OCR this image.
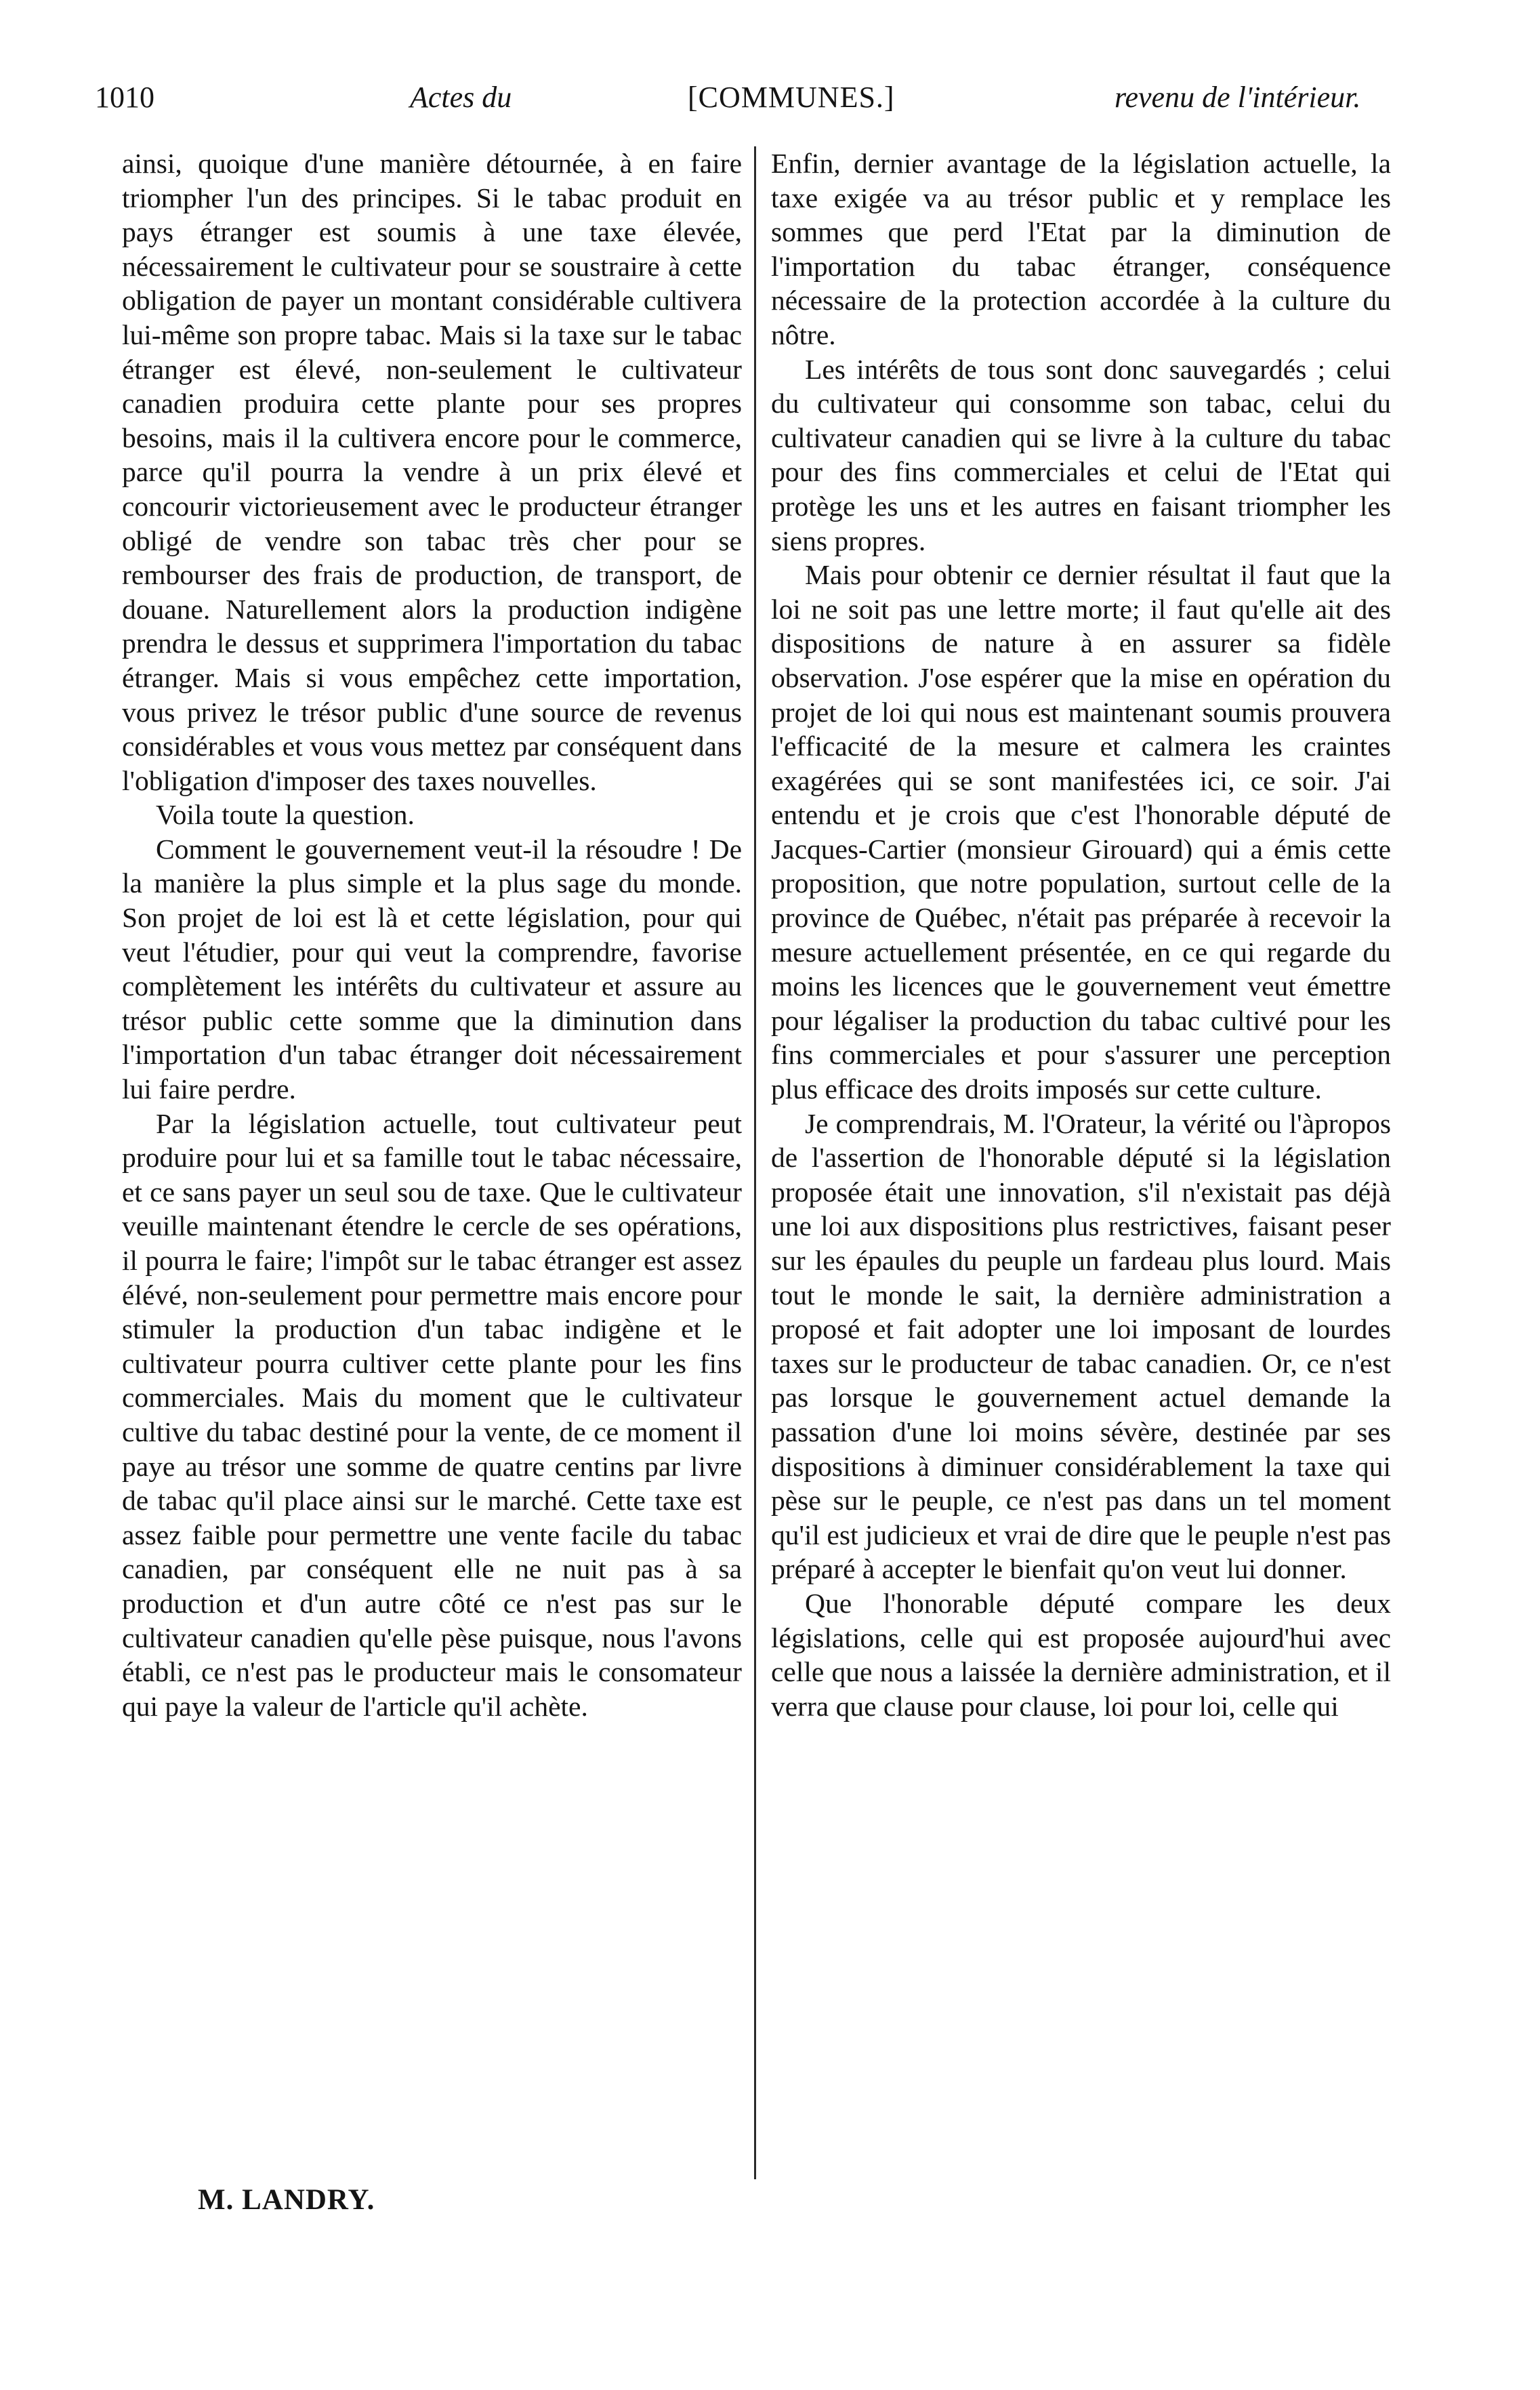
1010	Actes du	[COMMUNES.]	revenu de l'intérieur.

ainsi, quoique d'une manière détournée, à en faire triompher l'un des principes. Si le tabac produit en pays étranger est soumis à une taxe élevée, nécessairement le cultivateur pour se soustraire à cette obligation de payer un montant considérable cultivera lui-même son propre tabac. Mais si la taxe sur le tabac étranger est élevé, non-seulement le cultivateur canadien produira cette plante pour ses propres besoins, mais il la cultivera encore pour le commerce, parce qu'il pourra la vendre à un prix élevé et concourir victorieusement avec le producteur étranger obligé de vendre son tabac très cher pour se rembourser des frais de production, de transport, de douane. Naturellement alors la production indigène prendra le dessus et supprimera l'importation du tabac étranger. Mais si vous empêchez cette importation, vous privez le trésor public d'une source de revenus considérables et vous vous mettez par conséquent dans l'obligation d'imposer des taxes nouvelles.

Voila toute la question.

Comment le gouvernement veut-il la résoudre ! De la manière la plus simple et la plus sage du monde. Son projet de loi est là et cette législation, pour qui veut l'étudier, pour qui veut la comprendre, favorise complètement les intérêts du cultivateur et assure au trésor public cette somme que la diminution dans l'importation d'un tabac étranger doit nécessairement lui faire perdre.

Par la législation actuelle, tout cultivateur peut produire pour lui et sa famille tout le tabac nécessaire, et ce sans payer un seul sou de taxe. Que le cultivateur veuille maintenant étendre le cercle de ses opérations, il pourra le faire; l'impôt sur le tabac étranger est assez élévé, non-seulement pour permettre mais encore pour stimuler la production d'un tabac indigène et le cultivateur pourra cultiver cette plante pour les fins commerciales. Mais du moment que le cultivateur cultive du tabac destiné pour la vente, de ce moment il paye au trésor une somme de quatre centins par livre de tabac qu'il place ainsi sur le marché. Cette taxe est assez faible pour permettre une vente facile du tabac canadien, par conséquent elle ne nuit pas à sa production et d'un autre côté ce n'est pas sur le cultivateur canadien qu'elle pèse puisque, nous l'avons établi, ce n'est pas le producteur mais le consomateur qui paye la valeur de l'article qu'il achète.

Enfin, dernier avantage de la législation actuelle, la taxe exigée va au trésor public et y remplace les sommes que perd l'Etat par la diminution de l'importation du tabac étranger, conséquence nécessaire de la protection accordée à la culture du nôtre.

Les intérêts de tous sont donc sauvegardés ; celui du cultivateur qui consomme son tabac, celui du cultivateur canadien qui se livre à la culture du tabac pour des fins commerciales et celui de l'Etat qui protège les uns et les autres en faisant triompher les siens propres.

Mais pour obtenir ce dernier résultat il faut que la loi ne soit pas une lettre morte; il faut qu'elle ait des dispositions de nature à en assurer sa fidèle observation. J'ose espérer que la mise en opération du projet de loi qui nous est maintenant soumis prouvera l'efficacité de la mesure et calmera les craintes exagérées qui se sont manifestées ici, ce soir. J'ai entendu et je crois que c'est l'honorable député de Jacques-Cartier (monsieur Girouard) qui a émis cette proposition, que notre population, surtout celle de la province de Québec, n'était pas préparée à recevoir la mesure actuellement présentée, en ce qui regarde du moins les licences que le gouvernement veut émettre pour légaliser la production du tabac cultivé pour les fins commerciales et pour s'assurer une perception plus efficace des droits imposés sur cette culture.

Je comprendrais, M. l'Orateur, la vérité ou l'àpropos de l'assertion de l'honorable député si la législation proposée était une innovation, s'il n'existait pas déjà une loi aux dispositions plus restrictives, faisant peser sur les épaules du peuple un fardeau plus lourd. Mais tout le monde le sait, la dernière administration a proposé et fait adopter une loi imposant de lourdes taxes sur le producteur de tabac canadien. Or, ce n'est pas lorsque le gouvernement actuel demande la passation d'une loi moins sévère, destinée par ses dispositions à diminuer considérablement la taxe qui pèse sur le peuple, ce n'est pas dans un tel moment qu'il est judicieux et vrai de dire que le peuple n'est pas préparé à accepter le bienfait qu'on veut lui donner.

Que l'honorable député compare les deux législations, celle qui est proposée aujourd'hui avec celle que nous a laissée la dernière administration, et il verra que clause pour clause, loi pour loi, celle qui

M. LANDRY.
